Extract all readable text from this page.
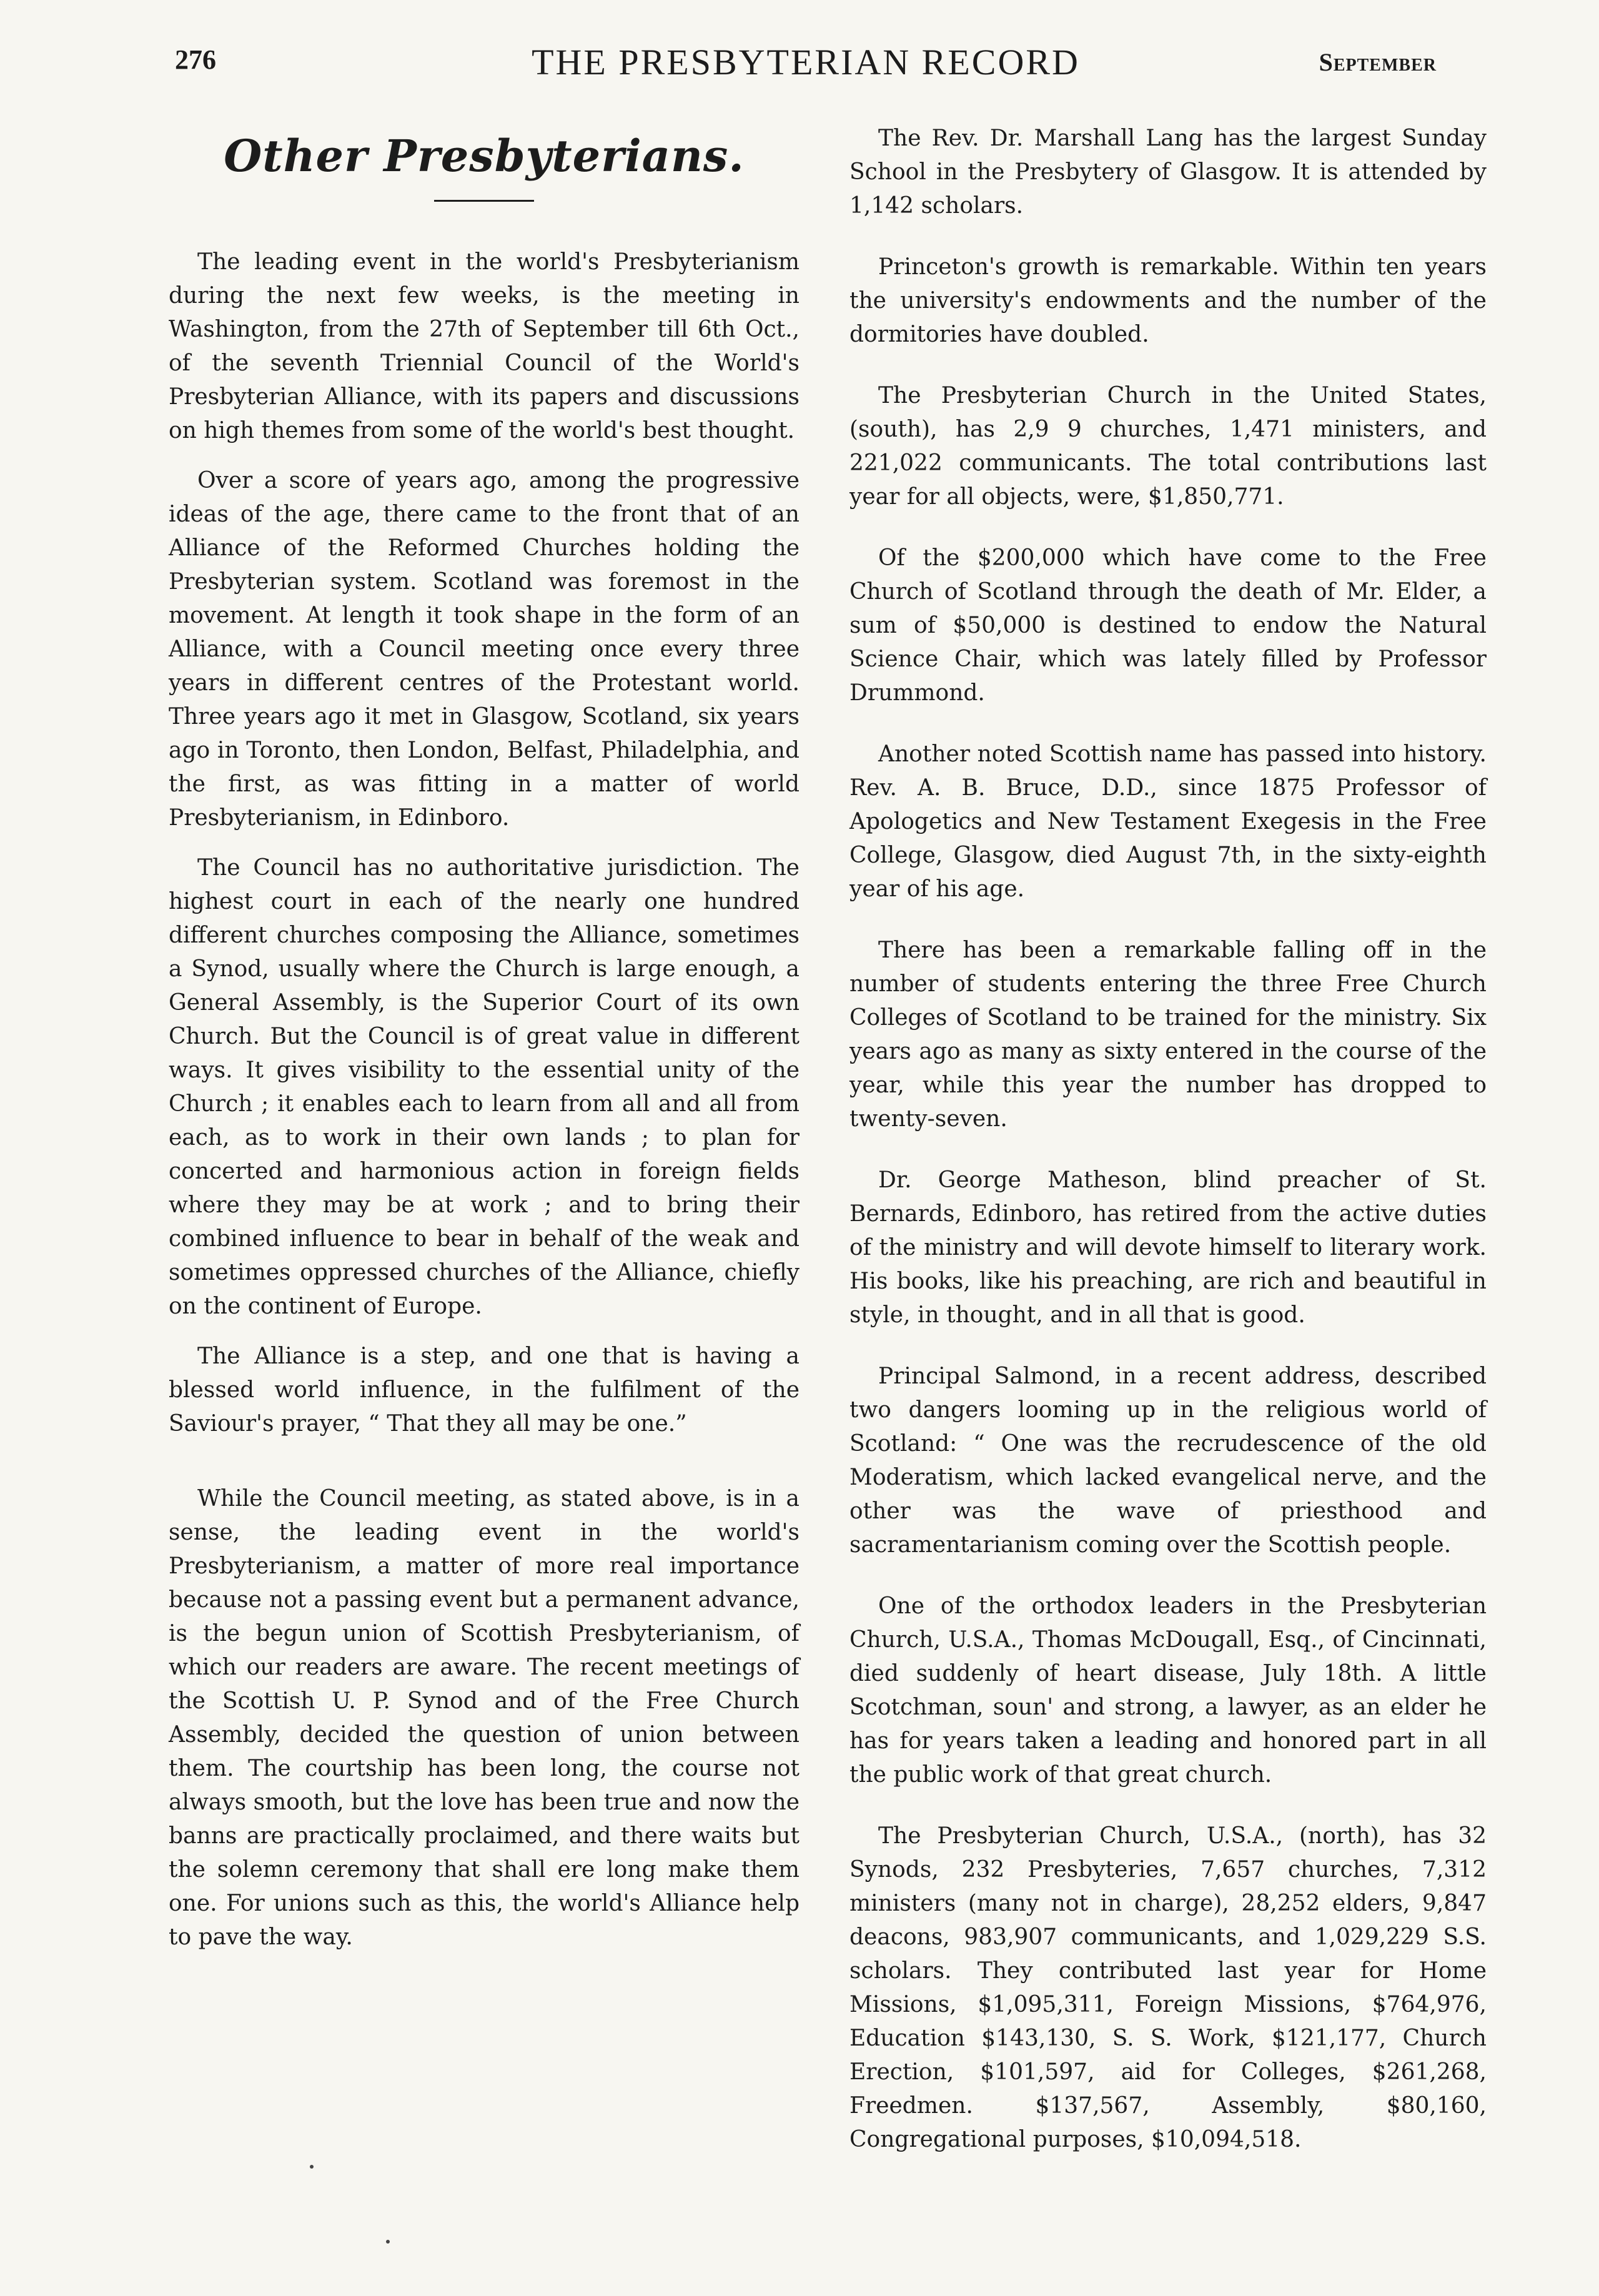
276	THE PRESBYTERIAN RECORD	September
Other Presbyterians.

The leading event in the world's Presbyterianism during the next few weeks, is the meeting in Washington, from the 27th of September till 6th Oct., of the seventh Triennial Council of the World's Presbyterian Alliance, with its papers and discussions on high themes from some of the world's best thought.

Over a score of years ago, among the progressive ideas of the age, there came to the front that of an Alliance of the Reformed Churches holding the Presbyterian system. Scotland was foremost in the movement. At length it took shape in the form of an Alliance, with a Council meeting once every three years in different centres of the Protestant world. Three years ago it met in Glasgow, Scotland, six years ago in Toronto, then London, Belfast, Philadelphia, and the first, as was fitting in a matter of world Presbyterianism, in Edinboro.

The Council has no authoritative jurisdiction. The highest court in each of the nearly one hundred different churches composing the Alliance, sometimes a Synod, usually where the Church is large enough, a General Assembly, is the Superior Court of its own Church. But the Council is of great value in different ways. It gives visibility to the essential unity of the Church ; it enables each to learn from all and all from each, as to work in their own lands ; to plan for concerted and harmonious action in foreign fields where they may be at work ; and to bring their combined influence to bear in behalf of the weak and sometimes oppressed churches of the Alliance, chiefly on the continent of Europe.

The Alliance is a step, and one that is having a blessed world influence, in the fulfilment of the Saviour's prayer, “ That they all may be one.”

While the Council meeting, as stated above, is in a sense, the leading event in the world's Presbyterianism, a matter of more real importance because not a passing event but a permanent advance, is the begun union of Scottish Presbyterianism, of which our readers are aware. The recent meetings of the Scottish U. P. Synod and of the Free Church Assembly, decided the question of union between them. The courtship has been long, the course not always smooth, but the love has been true and now the banns are practically proclaimed, and there waits but the solemn ceremony that shall ere long make them one. For unions such as this, the world's Alliance help to pave the way.

The Rev. Dr. Marshall Lang has the largest Sunday School in the Presbytery of Glasgow. It is attended by 1,142 scholars.

Princeton's growth is remarkable. Within ten years the university's endowments and the number of the dormitories have doubled.

The Presbyterian Church in the United States, (south), has 2,9 9 churches, 1,471 ministers, and 221,022 communicants. The total contributions last year for all objects, were, $1,850,771.

Of the $200,000 which have come to the Free Church of Scotland through the death of Mr. Elder, a sum of $50,000 is destined to endow the Natural Science Chair, which was lately filled by Professor Drummond.

Another noted Scottish name has passed into history. Rev. A. B. Bruce, D.D., since 1875 Professor of Apologetics and New Testament Exegesis in the Free College, Glasgow, died August 7th, in the sixty-eighth year of his age.

There has been a remarkable falling off in the number of students entering the three Free Church Colleges of Scotland to be trained for the ministry. Six years ago as many as sixty entered in the course of the year, while this year the number has dropped to twenty-seven.

Dr. George Matheson, blind preacher of St. Bernards, Edinboro, has retired from the active duties of the ministry and will devote himself to literary work. His books, like his preaching, are rich and beautiful in style, in thought, and in all that is good.

Principal Salmond, in a recent address, described two dangers looming up in the religious world of Scotland: “ One was the recrudescence of the old Moderatism, which lacked evangelical nerve, and the other was the wave of priesthood and sacramentarianism coming over the Scottish people.

One of the orthodox leaders in the Presbyterian Church, U.S.A., Thomas McDougall, Esq., of Cincinnati, died suddenly of heart disease, July 18th. A little Scotchman, soun' and strong, a lawyer, as an elder he has for years taken a leading and honored part in all the public work of that great church.

The Presbyterian Church, U.S.A., (north), has 32 Synods, 232 Presbyteries, 7,657 churches, 7,312 ministers (many not in charge), 28,252 elders, 9,847 deacons, 983,907 communicants, and 1,029,229 S.S. scholars. They contributed last year for Home Missions, $1,095,311, Foreign Missions, $764,976, Education $143,130, S. S. Work, $121,177, Church Erection, $101,597, aid for Colleges, $261,268, Freedmen. $137,567, Assembly, $80,160, Congregational purposes, $10,094,518.
